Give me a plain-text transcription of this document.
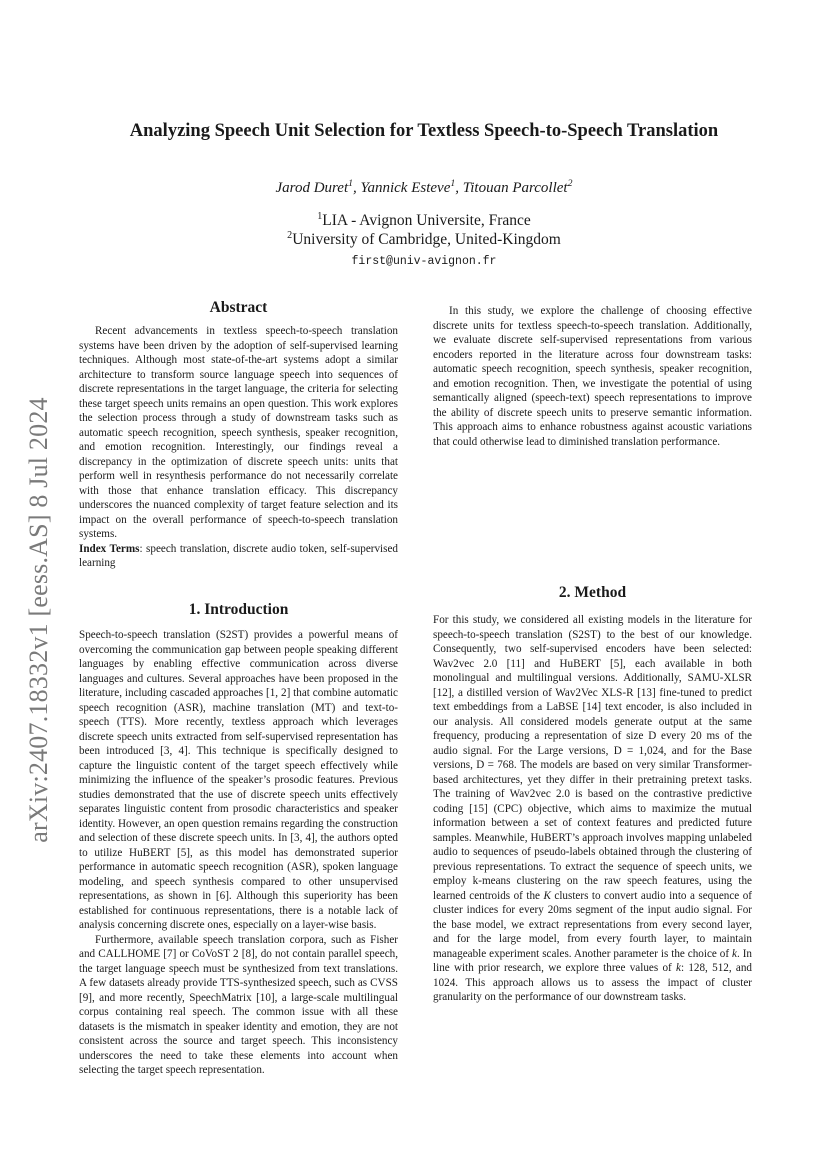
arXiv:2407.18332v1 [eess.AS] 8 Jul 2024
Analyzing Speech Unit Selection for Textless Speech-to-Speech Translation
Jarod Duret$^1$, Yannick Esteve$^1$, Titouan Parcollet$^2$
$^1$LIA - Avignon Universite, France
$^2$University of Cambridge, United-Kingdom
first@univ-avignon.fr
Abstract

Recent advancements in textless speech-to-speech translation systems have been driven by the adoption of self-supervised learning techniques. Although most state-of-the-art systems adopt a similar architecture to transform source language speech into sequences of discrete representations in the target language, the criteria for selecting these target speech units remains an open question. This work explores the selection process through a study of downstream tasks such as automatic speech recognition, speech synthesis, speaker recognition, and emotion recognition. Interestingly, our findings reveal a discrepancy in the optimization of discrete speech units: units that perform well in resynthesis performance do not necessarily correlate with those that enhance translation efficacy. This discrepancy underscores the nuanced complexity of target feature selection and its impact on the overall performance of speech-to-speech translation systems.

Index Terms: speech translation, discrete audio token, self-supervised learning

1. Introduction

Speech-to-speech translation (S2ST) provides a powerful means of overcoming the communication gap between people speaking different languages by enabling effective communication across diverse languages and cultures. Several approaches have been proposed in the literature, including cascaded approaches [1, 2] that combine automatic speech recognition (ASR), machine translation (MT) and text-to-speech (TTS). More recently, textless approach which leverages discrete speech units extracted from self-supervised representation has been introduced [3, 4]. This technique is specifically designed to capture the linguistic content of the target speech effectively while minimizing the influence of the speaker’s prosodic features. Previous studies demonstrated that the use of discrete speech units effectively separates linguistic content from prosodic characteristics and speaker identity. However, an open question remains regarding the construction and selection of these discrete speech units. In [3, 4], the authors opted to utilize HuBERT [5], as this model has demonstrated superior performance in automatic speech recognition (ASR), spoken language modeling, and speech synthesis compared to other unsupervised representations, as shown in [6]. Although this superiority has been established for continuous representations, there is a notable lack of analysis concerning discrete ones, especially on a layer-wise basis.

Furthermore, available speech translation corpora, such as Fisher and CALLHOME [7] or CoVoST 2 [8], do not contain parallel speech, the target language speech must be synthesized from text translations. A few datasets already provide TTS-synthesized speech, such as CVSS [9], and more recently, SpeechMatrix [10], a large-scale multilingual corpus containing real speech. The common issue with all these datasets is the mismatch in speaker identity and emotion, they are not consistent across the source and target speech. This inconsistency underscores the need to take these elements into account when selecting the target speech representation.

In this study, we explore the challenge of choosing effective discrete units for textless speech-to-speech translation. Additionally, we evaluate discrete self-supervised representations from various encoders reported in the literature across four downstream tasks: automatic speech recognition, speech synthesis, speaker recognition, and emotion recognition. Then, we investigate the potential of using semantically aligned (speech-text) speech representations to improve the ability of discrete speech units to preserve semantic information. This approach aims to enhance robustness against acoustic variations that could otherwise lead to diminished translation performance.

2. Method

For this study, we considered all existing models in the literature for speech-to-speech translation (S2ST) to the best of our knowledge. Consequently, two self-supervised encoders have been selected: Wav2vec 2.0 [11] and HuBERT [5], each available in both monolingual and multilingual versions. Additionally, SAMU-XLSR [12], a distilled version of Wav2Vec XLS-R [13] fine-tuned to predict text embeddings from a LaBSE [14] text encoder, is also included in our analysis. All considered models generate output at the same frequency, producing a representation of size D every 20 ms of the audio signal. For the Large versions, D = 1,024, and for the Base versions, D = 768. The models are based on very similar Transformer-based architectures, yet they differ in their pretraining pretext tasks. The training of Wav2vec 2.0 is based on the contrastive predictive coding [15] (CPC) objective, which aims to maximize the mutual information between a set of context features and predicted future samples. Meanwhile, HuBERT’s approach involves mapping unlabeled audio to sequences of pseudo-labels obtained through the clustering of previous representations. To extract the sequence of speech units, we employ k-means clustering on the raw speech features, using the learned centroids of the K clusters to convert audio into a sequence of cluster indices for every 20ms segment of the input audio signal. For the base model, we extract representations from every second layer, and for the large model, from every fourth layer, to maintain manageable experiment scales. Another parameter is the choice of k. In line with prior research, we explore three values of k: 128, 512, and 1024. This approach allows us to assess the impact of cluster granularity on the performance of our downstream tasks.
